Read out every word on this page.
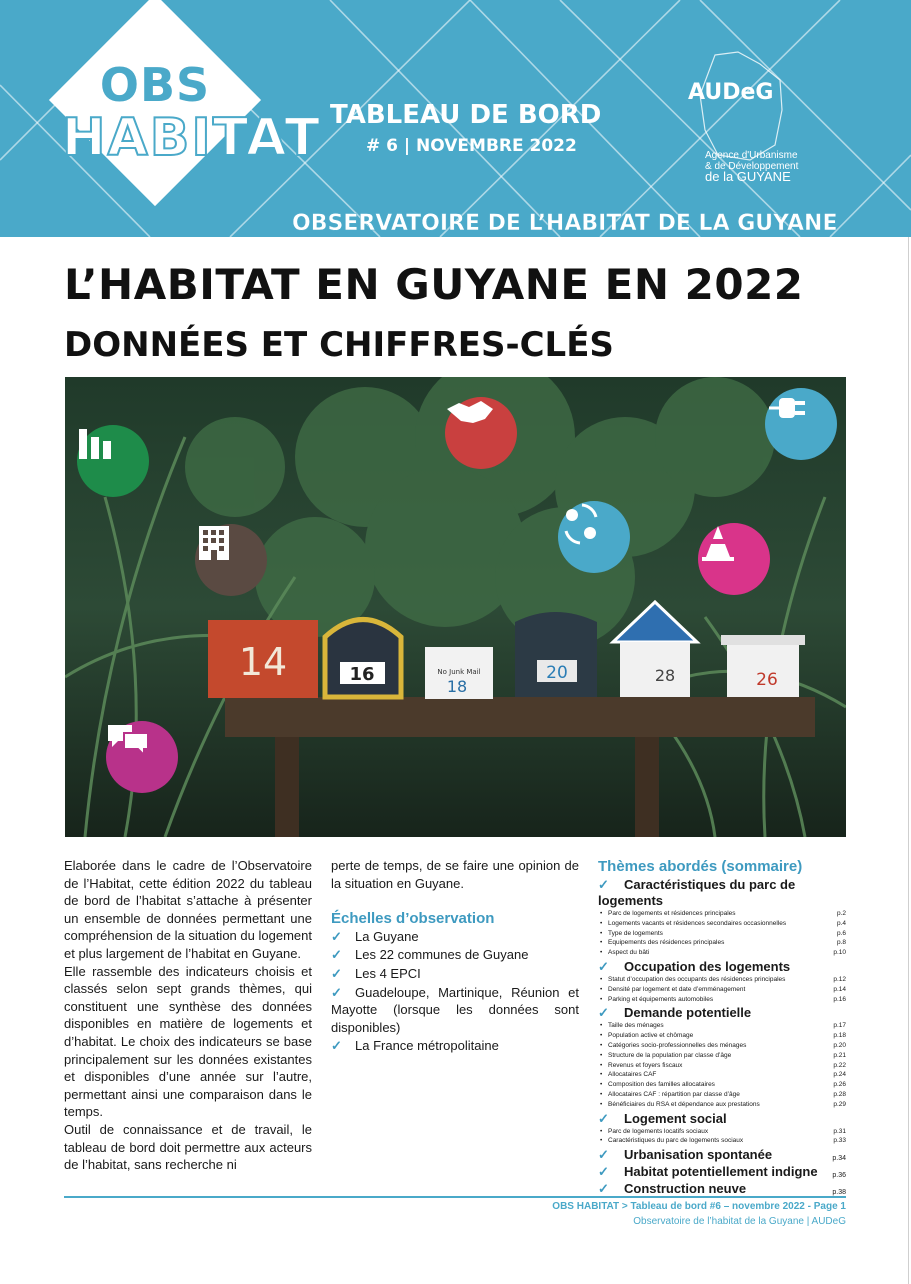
OBS
HABITAT TABLEAU DE BORD
# 6 | NOVEMBRE 2022
AUDeG
Agence d'Urbanisme
& de Développement
de la GUYANE
OBSERVATOIRE DE L’HABITAT DE LA GUYANE
L’HABITAT EN GUYANE EN 2022
DONNÉES ET CHIFFRES-CLÉS
14	16	No Junk Mail
18
20	28	26

Elaborée dans le cadre de l’Observatoire de l’Habitat, cette édition 2022 du tableau de bord de l’habitat s’attache à présenter un ensemble de données permettant une compréhension de la situation du logement et plus largement de l’habitat en Guyane.

Elle rassemble des indicateurs choisis et classés selon sept grands thèmes, qui constituent une synthèse des données disponibles en matière de logements et d’habitat. Le choix des indicateurs se base principalement sur les données existantes et disponibles d’une année sur l’autre, permettant ainsi une comparaison dans le temps.

Outil de connaissance et de travail, le tableau de bord doit permettre aux acteurs de l’habitat, sans recherche ni

perte de temps, de se faire une opinion de la situation en Guyane.

Échelles d’observation
✓ La Guyane
✓ Les 22 communes de Guyane
✓ Les 4 EPCI
✓ Guadeloupe, Martinique, Réunion et Mayotte (lorsque les données sont disponibles)
✓ La France métropolitaine
Thèmes abordés (sommaire)
✓ Caractéristiques du parc de logements
• Parc de logements et résidences principales	p.2
• Logements vacants et résidences secondaires occasionnelles	p.4
• Type de logements	p.6
• Equipements des résidences principales	p.8
• Aspect du bâti	p.10
✓ Occupation des logements
• Statut d’occupation des occupants des résidences principales	p.12
• Densité par logement et date d’emménagement	p.14
• Parking et équipements automobiles	p.16
✓ Demande potentielle
• Taille des ménages	p.17
• Population active et chômage	p.18
• Catégories socio-professionnelles des ménages	p.20
• Structure de la population par classe d’âge	p.21
• Revenus et foyers fiscaux	p.22
• Allocataires CAF	p.24
• Composition des familles allocataires	p.26
• Allocataires CAF : répartition par classe d’âge	p.28
• Bénéficiaires du RSA et dépendance aux prestations	p.29
✓ Logement social
• Parc de logements locatifs sociaux	p.31
• Caractéristiques du parc de logements sociaux	p.33
✓ Urbanisation spontanée	p.34
✓ Habitat potentiellement indigne p.36
✓ Construction neuve	p.38
OBS HABITAT > Tableau de bord #6 – novembre 2022 - Page 1
Observatoire de l’habitat de la Guyane | AUDeG
